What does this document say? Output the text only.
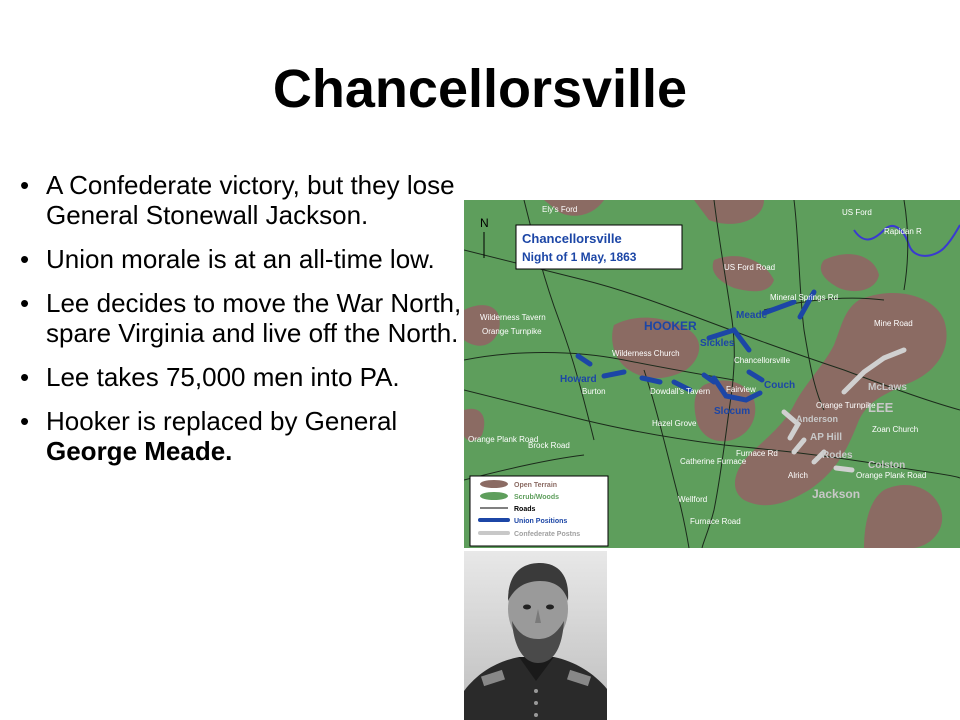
Chancellorsville
• A Confederate victory, but they lose General Stonewall Jackson.
• Union morale is at an all-time low.
• Lee decides to move the War North, spare Virginia and live off the North.
• Lee takes 75,000 men into PA.
• Hooker is replaced by General George Meade.
Chancellorsville
Night of 1 May, 1863
N
Ely's Ford	US Ford
Rapidan R
US Ford Road
Mineral Springs Rd
Mine Road
Wilderness Tavern
Orange Turnpike
Wilderness Church
Chancellorsville
Fairview
Burton	Dowdall's Tavern
Hazel Grove
Orange Turnpike
Zoan Church
Orange Plank Road
Brock Road
Catherine Furnace
Furnace Rd
Alrich	Orange Plank Road
Wellford
Furnace Road
HOOKER
Meade
Sickles
Howard
Couch
Slocum
McLaws
LEE
Anderson
AP Hill
Rodes
Colston
Jackson
Open Terrain
Scrub/Woods
Roads
Union Positions
Confederate Postns
